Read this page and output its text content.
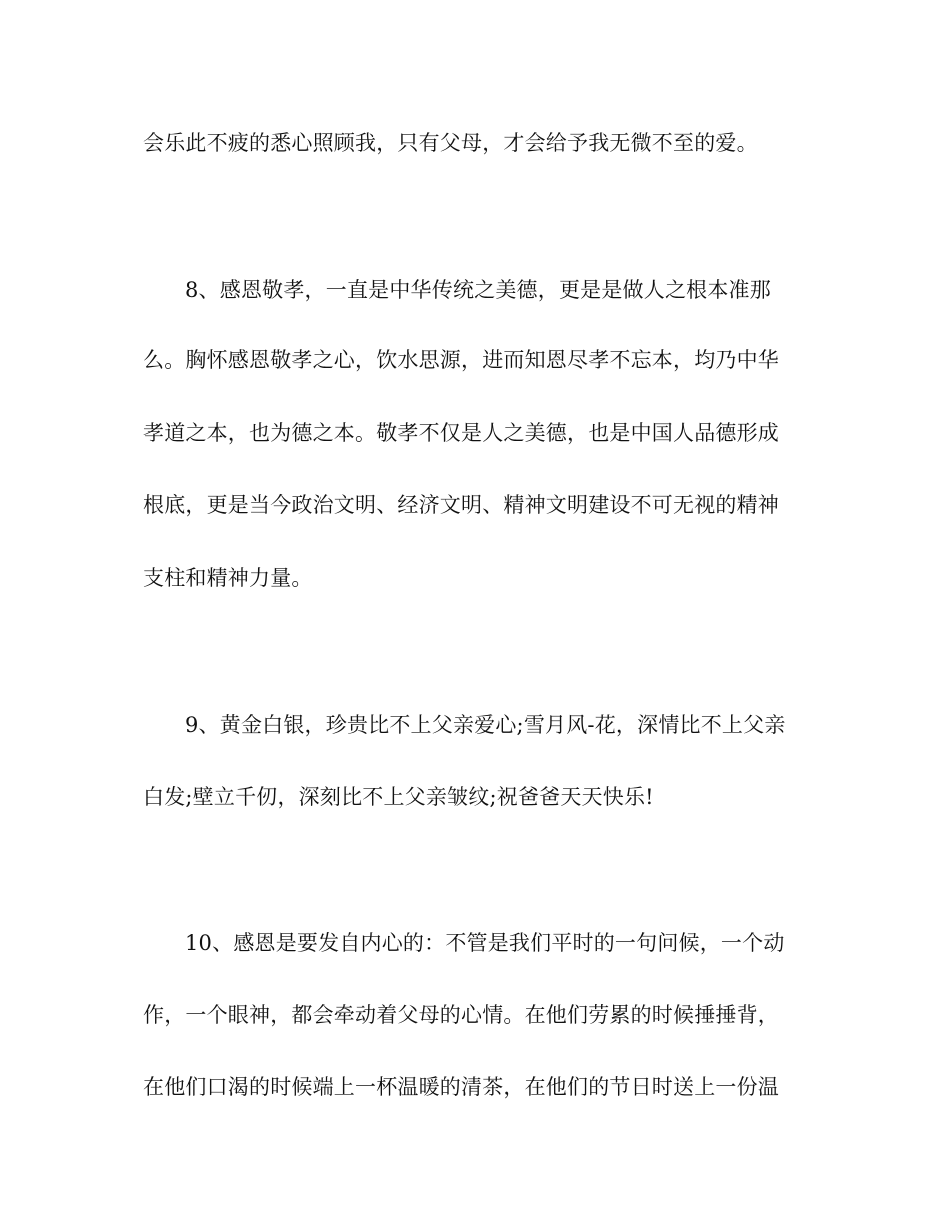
会乐此不疲的悉心照顾我，只有父母，才会给予我无微不至的爱。
8、感恩敬孝，一直是中华传统之美德，更是是做人之根本准那
么。胸怀感恩敬孝之心，饮水思源，进而知恩尽孝不忘本，均乃中华
孝道之本，也为德之本。敬孝不仅是人之美德，也是中国人品德形成
根底，更是当今政治文明、经济文明、精神文明建设不可无视的精神
支柱和精神力量。
9、黄金白银，珍贵比不上父亲爱心;雪月风-花，深情比不上父亲
白发;壁立千仞，深刻比不上父亲皱纹;祝爸爸天天快乐!
10、感恩是要发自内心的：不管是我们平时的一句问候，一个动
作，一个眼神，都会牵动着父母的心情。在他们劳累的时候捶捶背，
在他们口渴的时候端上一杯温暖的清茶，在他们的节日时送上一份温
